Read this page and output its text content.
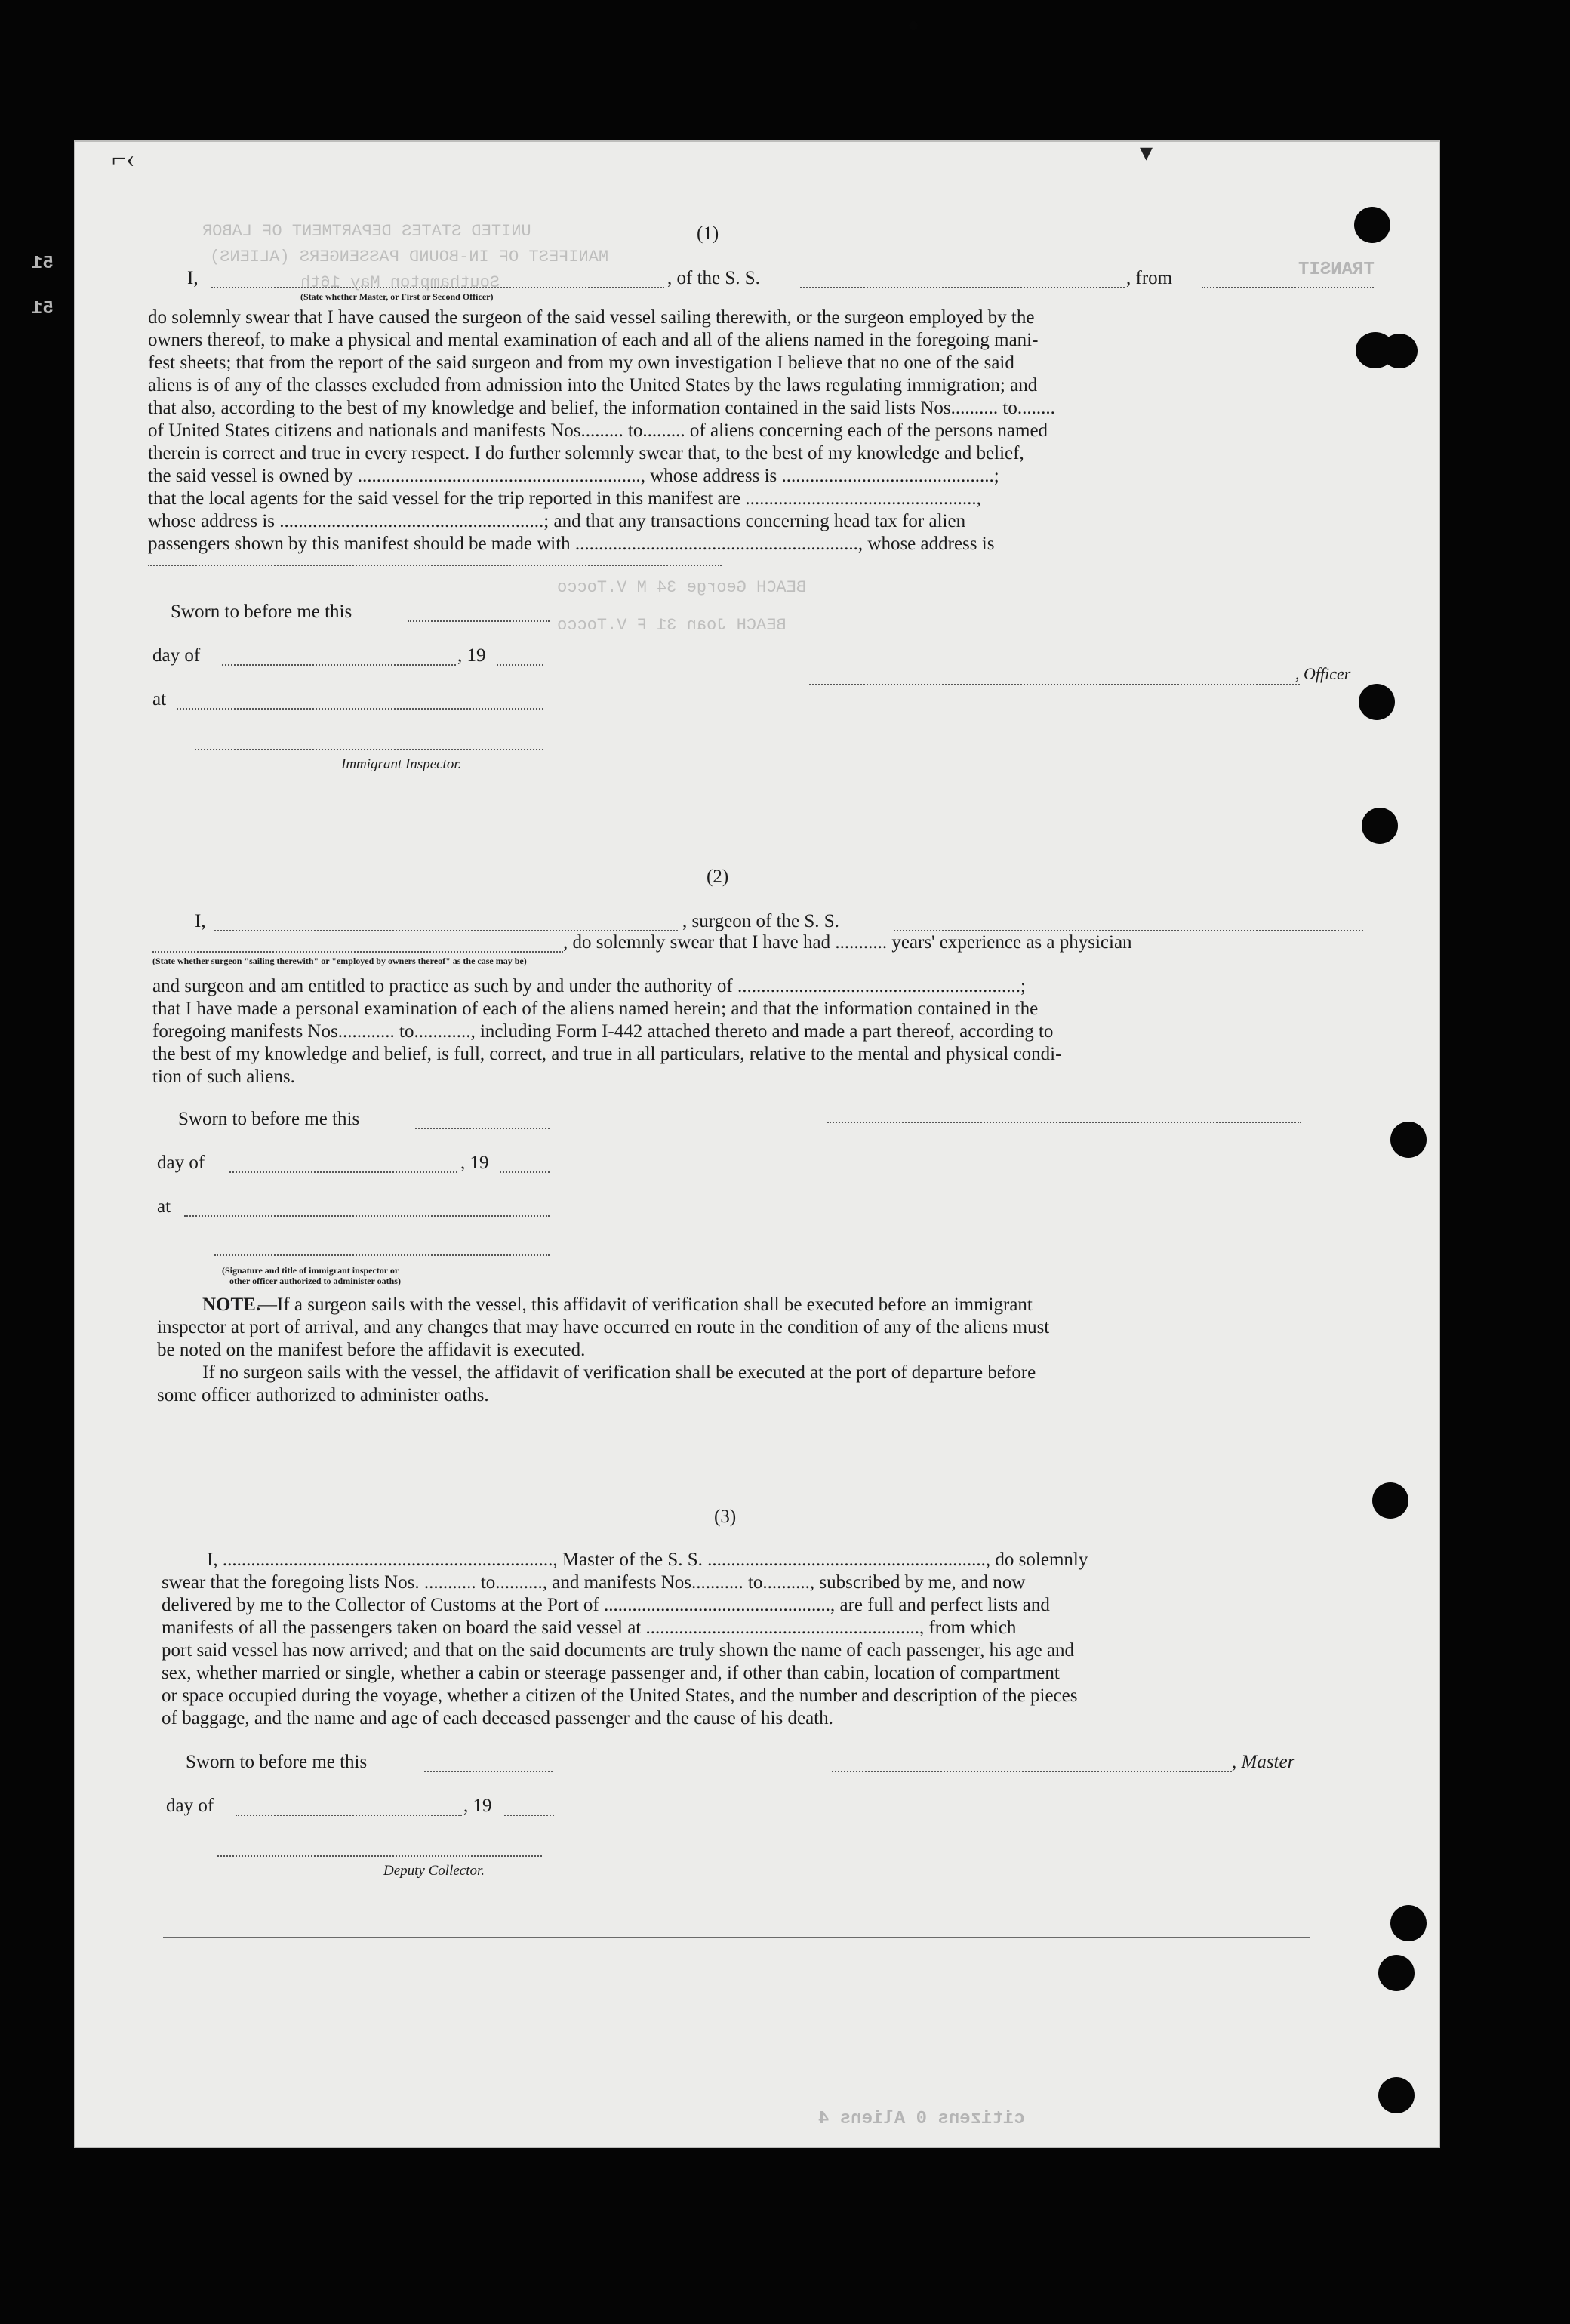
UNITED STATES DEPARTMENT OF LABOR
MANIFEST OF IN-BOUND PASSENGERS (ALIENS)
Southampton May 16th
BEACH George 34 M V.Tocco
BEACH Joan 31 F V.Tocco
51
51
TRANSIT
citizens 0 Aliens 4
(1)
I,	, of the S. S.	, from
(State whether Master, or First or Second Officer)
do solemnly swear that I have caused the surgeon of the said vessel sailing therewith, or the surgeon employed by the
owners thereof, to make a physical and mental examination of each and all of the aliens named in the foregoing mani-
fest sheets; that from the report of the said surgeon and from my own investigation I believe that no one of the said
aliens is of any of the classes excluded from admission into the United States by the laws regulating immigration; and
that also, according to the best of my knowledge and belief, the information contained in the said lists Nos.......... to........
of United States citizens and nationals and manifests Nos......... to......... of aliens concerning each of the persons named
therein is correct and true in every respect. I do further solemnly swear that, to the best of my knowledge and belief,
the said vessel is owned by ............................................................, whose address is .............................................;
that the local agents for the said vessel for the trip reported in this manifest are .................................................,
whose address is ........................................................; and that any transactions concerning head tax for alien
passengers shown by this manifest should be made with ............................................................, whose address is
Sworn to before me this
day of	, 19
at
Immigrant Inspector.
, Officer
(2)
I,	, surgeon of the S. S.
, do solemnly swear that I have had ........... years' experience as a physician
(State whether surgeon "sailing therewith" or "employed by owners thereof" as the case may be)
and surgeon and am entitled to practice as such by and under the authority of ............................................................;
that I have made a personal examination of each of the aliens named herein; and that the information contained in the
foregoing manifests Nos............ to............, including Form I-442 attached thereto and made a part thereof, according to
the best of my knowledge and belief, is full, correct, and true in all particulars, relative to the mental and physical condi-
tion of such aliens.
Sworn to before me this
day of	, 19
at
(Signature and title of immigrant inspector or
other officer authorized to administer oaths)
NOTE.
—If a surgeon sails with the vessel, this affidavit of verification shall be executed before an immigrant
inspector at port of arrival, and any changes that may have occurred en route in the condition of any of the aliens must
be noted on the manifest before the affidavit is executed.
If no surgeon sails with the vessel, the affidavit of verification shall be executed at the port of departure before
some officer authorized to administer oaths.
(3)
I, ......................................................................, Master of the S. S. ..........................................................., do solemnly
swear that the foregoing lists Nos. ........... to.........., and manifests Nos........... to.........., subscribed by me, and now
delivered by me to the Collector of Customs at the Port of ................................................, are full and perfect lists and
manifests of all the passengers taken on board the said vessel at .........................................................., from which
port said vessel has now arrived; and that on the said documents are truly shown the name of each passenger, his age and
sex, whether married or single, whether a cabin or steerage passenger and, if other than cabin, location of compartment
or space occupied during the voyage, whether a citizen of the United States, and the number and description of the pieces
of baggage, and the name and age of each deceased passenger and the cause of his death.
Sworn to before me this	, Master
day of	, 19
Deputy Collector.
⌐‹	▾
